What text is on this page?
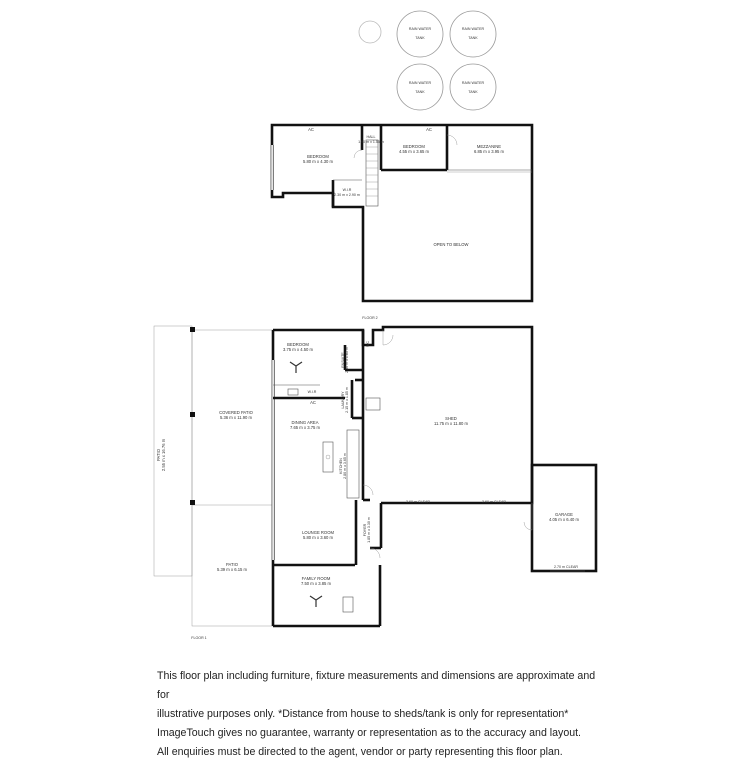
RAIN WATER
TANK
RAIN WATER
TANK
RAIN WATER
TANK
RAIN WATER
TANK
AC	AC
BEDROOM
5.80 m x 4.30 m
HALL
1.90 m x 1.55 m
BEDROOM
4.55 m x 3.65 m
MEZZANINE
6.85 m x 3.95 m
W.I.R
2.30 m x 2.90 m
OPEN TO BELOW
FLOOR 2
AC
PATIO 2.55 m x 16.76 m
COVERED PATIO
5.36 m x 11.90 m
BEDROOM
3.75 m x 4.50 m
ENSUITE 2.30 m x 1.85 m
WC
W.I.R	LAUNDRY 2.15 m x 1.85 m
DINING AREA
7.65 m x 3.75 m
KITCHEN 2.80 m x 3.65 m
SHED
11.75 m x 11.80 m
LOUNGE ROOM
5.80 m x 3.60 m
FOYER 1.85 m x 3.30 m
PATIO
5.39 m x 6.15 m
FAMILY ROOM
7.50 m x 3.85 m
GARAGE
4.05 m x 6.40 m
3.60 m CLEAR	3.60 m CLEAR
2.70 m CLEAR
FLOOR 1

This floor plan including furniture, fixture measurements and dimensions are approximate and for

illustrative purposes only. *Distance from house to sheds/tank is only for representation*

ImageTouch gives no guarantee, warranty or representation as to the accuracy and layout.

All enquiries must be directed to the agent, vendor or party representing this floor plan.
